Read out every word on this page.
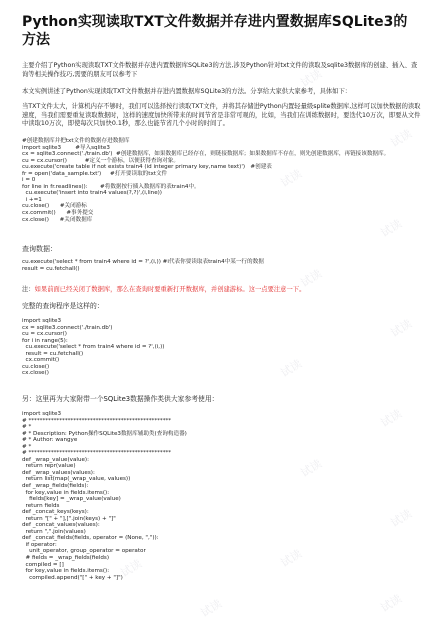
Python实现读取TXT文件数据并存进内置数据库SQLite3的方法
主要介绍了Python实现读取TXT文件数据并存进内置数据库SQLite3的方法,涉及Python针对txt文件的读取及sqlite3数据库的创建、插入、查询等相关操作技巧,需要的朋友可以参考下
本文实例讲述了Python实现读取TXT文件数据并存进内置数据库SQLite3的方法。分享给大家供大家参考，具体如下：
当TXT文件太大，计算机内存不够时，我们可以选择按行读取TXT文件，并将其存储进Python内置轻量级splite数据库,这样可以加快数据的读取速度，当我们需要重复读取数据时，这样的速度加快所带来的时间节省是非常可观的，比如，当我们在训练数据时，要迭代10万次，即要从文件中读取10万次，即使每次只加快0.1秒，那么也能节省几个小时的时间了。
#创建数据库并把txt文件的数据存进数据库
import sqlite3        #导入sqlite3
cx = sqlite3.connect('./train.db')  #创建数据库，如果数据库已经存在，则链接数据库；如果数据库不存在，则先创建数据库，再链接该数据库。
cu = cx.cursor()          #定义一个游标，以便获得查询对象。
cu.execute('create table if not exists train4 (id integer primary key,name text)')   #创建表
fr = open('data_sample.txt')     #打开要读取的txt文件
i = 0
for line in fr.readlines():       #将数据按行插入数据库的表train4中。
cu.execute('insert into train4 values(?,?)',(i,line))
i +=1
cu.close()      #关闭游标
cx.commit()      #事务提交
cx.close()      #关闭数据库
查询数据：
cu.execute('select * from train4 where id = ?',(i,)) #i代表你要读取表train4中某一行的数据
result = cu.fetchall()
注：如果前面已经关闭了数据库，那么在查询时要重新打开数据库，并创建游标。这一点要注意一下。
完整的查询程序是这样的：
import sqlite3
cx = sqlite3.connect('./train.db')
cu = cx.cursor()
for i in range(5):
cu.execute('select * from train4 where id = ?',(i,))
result = cu.fetchall()
cx.commit()
cu.close()
cx.close()
另：这里再为大家附带一个SQLite3数据操作类供大家参考使用：
import sqlite3
# ***************************************************
# *
# * Description: Python操作SQLite3数据库辅助类(查询构造器)
# * Author: wangye
# *
# ***************************************************
def _wrap_value(value):
return repr(value)
def _wrap_values(values):
return list(map(_wrap_value, values))
def _wrap_fields(fields):
for key,value in fields.items():
fields[key] = _wrap_value(value)
return fields
def _concat_keys(keys):
return "[" + "],[".join(keys) + "]"
def _concat_values(values):
return ",".join(values)
def _concat_fields(fields, operator = (None, ",")):
if operator:
unit_operator, group_operator = operator
# fields = _wrap_fields(fields)
compiled = []
for key,value in fields.items():
compiled.append("[" + key + "]")
试读
试读
试读
试读
试读
试读
试读
试读
试读
试读
试读
试读
试读
试读
